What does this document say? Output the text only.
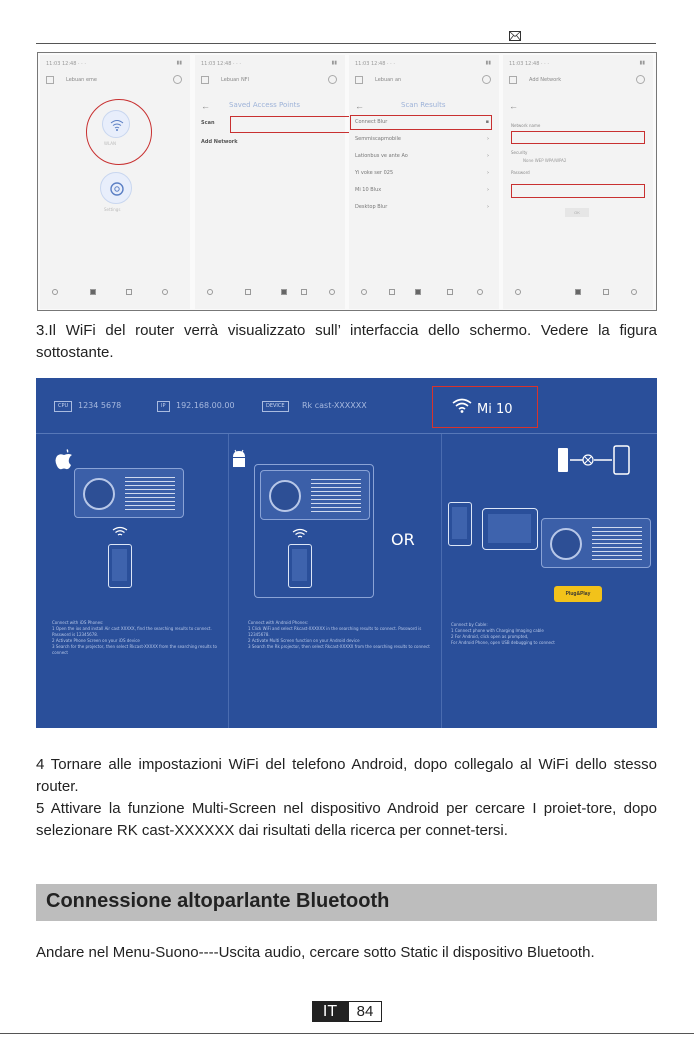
11:03 12:48 · · ·	▮▮
Lebuan eme
WLAN
Settings
11:03 12:48 · · ·	▮▮
Lebuan NFI
←	Saved Access Points
Scan
Add Network
11:03 12:48 · · ·	▮▮
Lebuan an
←	Scan Results
Connect Blur	▪
Semmiscapmobile	›
Lationbus ve ante Ao	›
Yi voke ser 025	›
Mi 10 Blux	›
Desktop Blur	›
11:03 12:48 · · ·	▮▮
Add Network
←
Network name
Security
None WEP WPA/WPA2
Password
OK

3.Il WiFi del router verrà visualizzato sull’ interfaccia dello schermo. Vedere la figura sottostante.

CPU	1234 5678	IP	192.168.00.00	DEVICE	Rk cast-XXXXXX	Mi 10
Connect with iOS Phones:
1 Open the ios and install Air cast XXXXX, find the searching results to connect. Password is 12345678.
2 Activate Phone Screen on your iOS device
3 Search for the projector, then select Rkcast-XXXXX from the searching results to connect
Connect with Android Phones:
1 Click WiFi and select Rkcast-XXXXXX in the searching results to connect. Password is 12345678.
2 Activate Multi Screen function on your Android device
3 Search the Rk projector, then select Rkcast-XXXXX from the searching results to connect
OR
Plug&Play
Connect by Cable:
1 Connect phone with Charging Imaging cable
2 For Android, click open as prompted,
For Android Phone, open USB debugging to connect

4 Tornare alle impostazioni WiFi del telefono Android, dopo collegalo al WiFi dello stesso router.

5 Attivare la funzione Multi-Screen nel dispositivo Android per cercare I proiet-tore, dopo selezionare RK cast-XXXXXX dai risultati della ricerca per connet-tersi.

Connessione altoparlante Bluetooth

Andare nel Menu-Suono----Uscita audio, cercare sotto Static il dispositivo Bluetooth.

IT	84
